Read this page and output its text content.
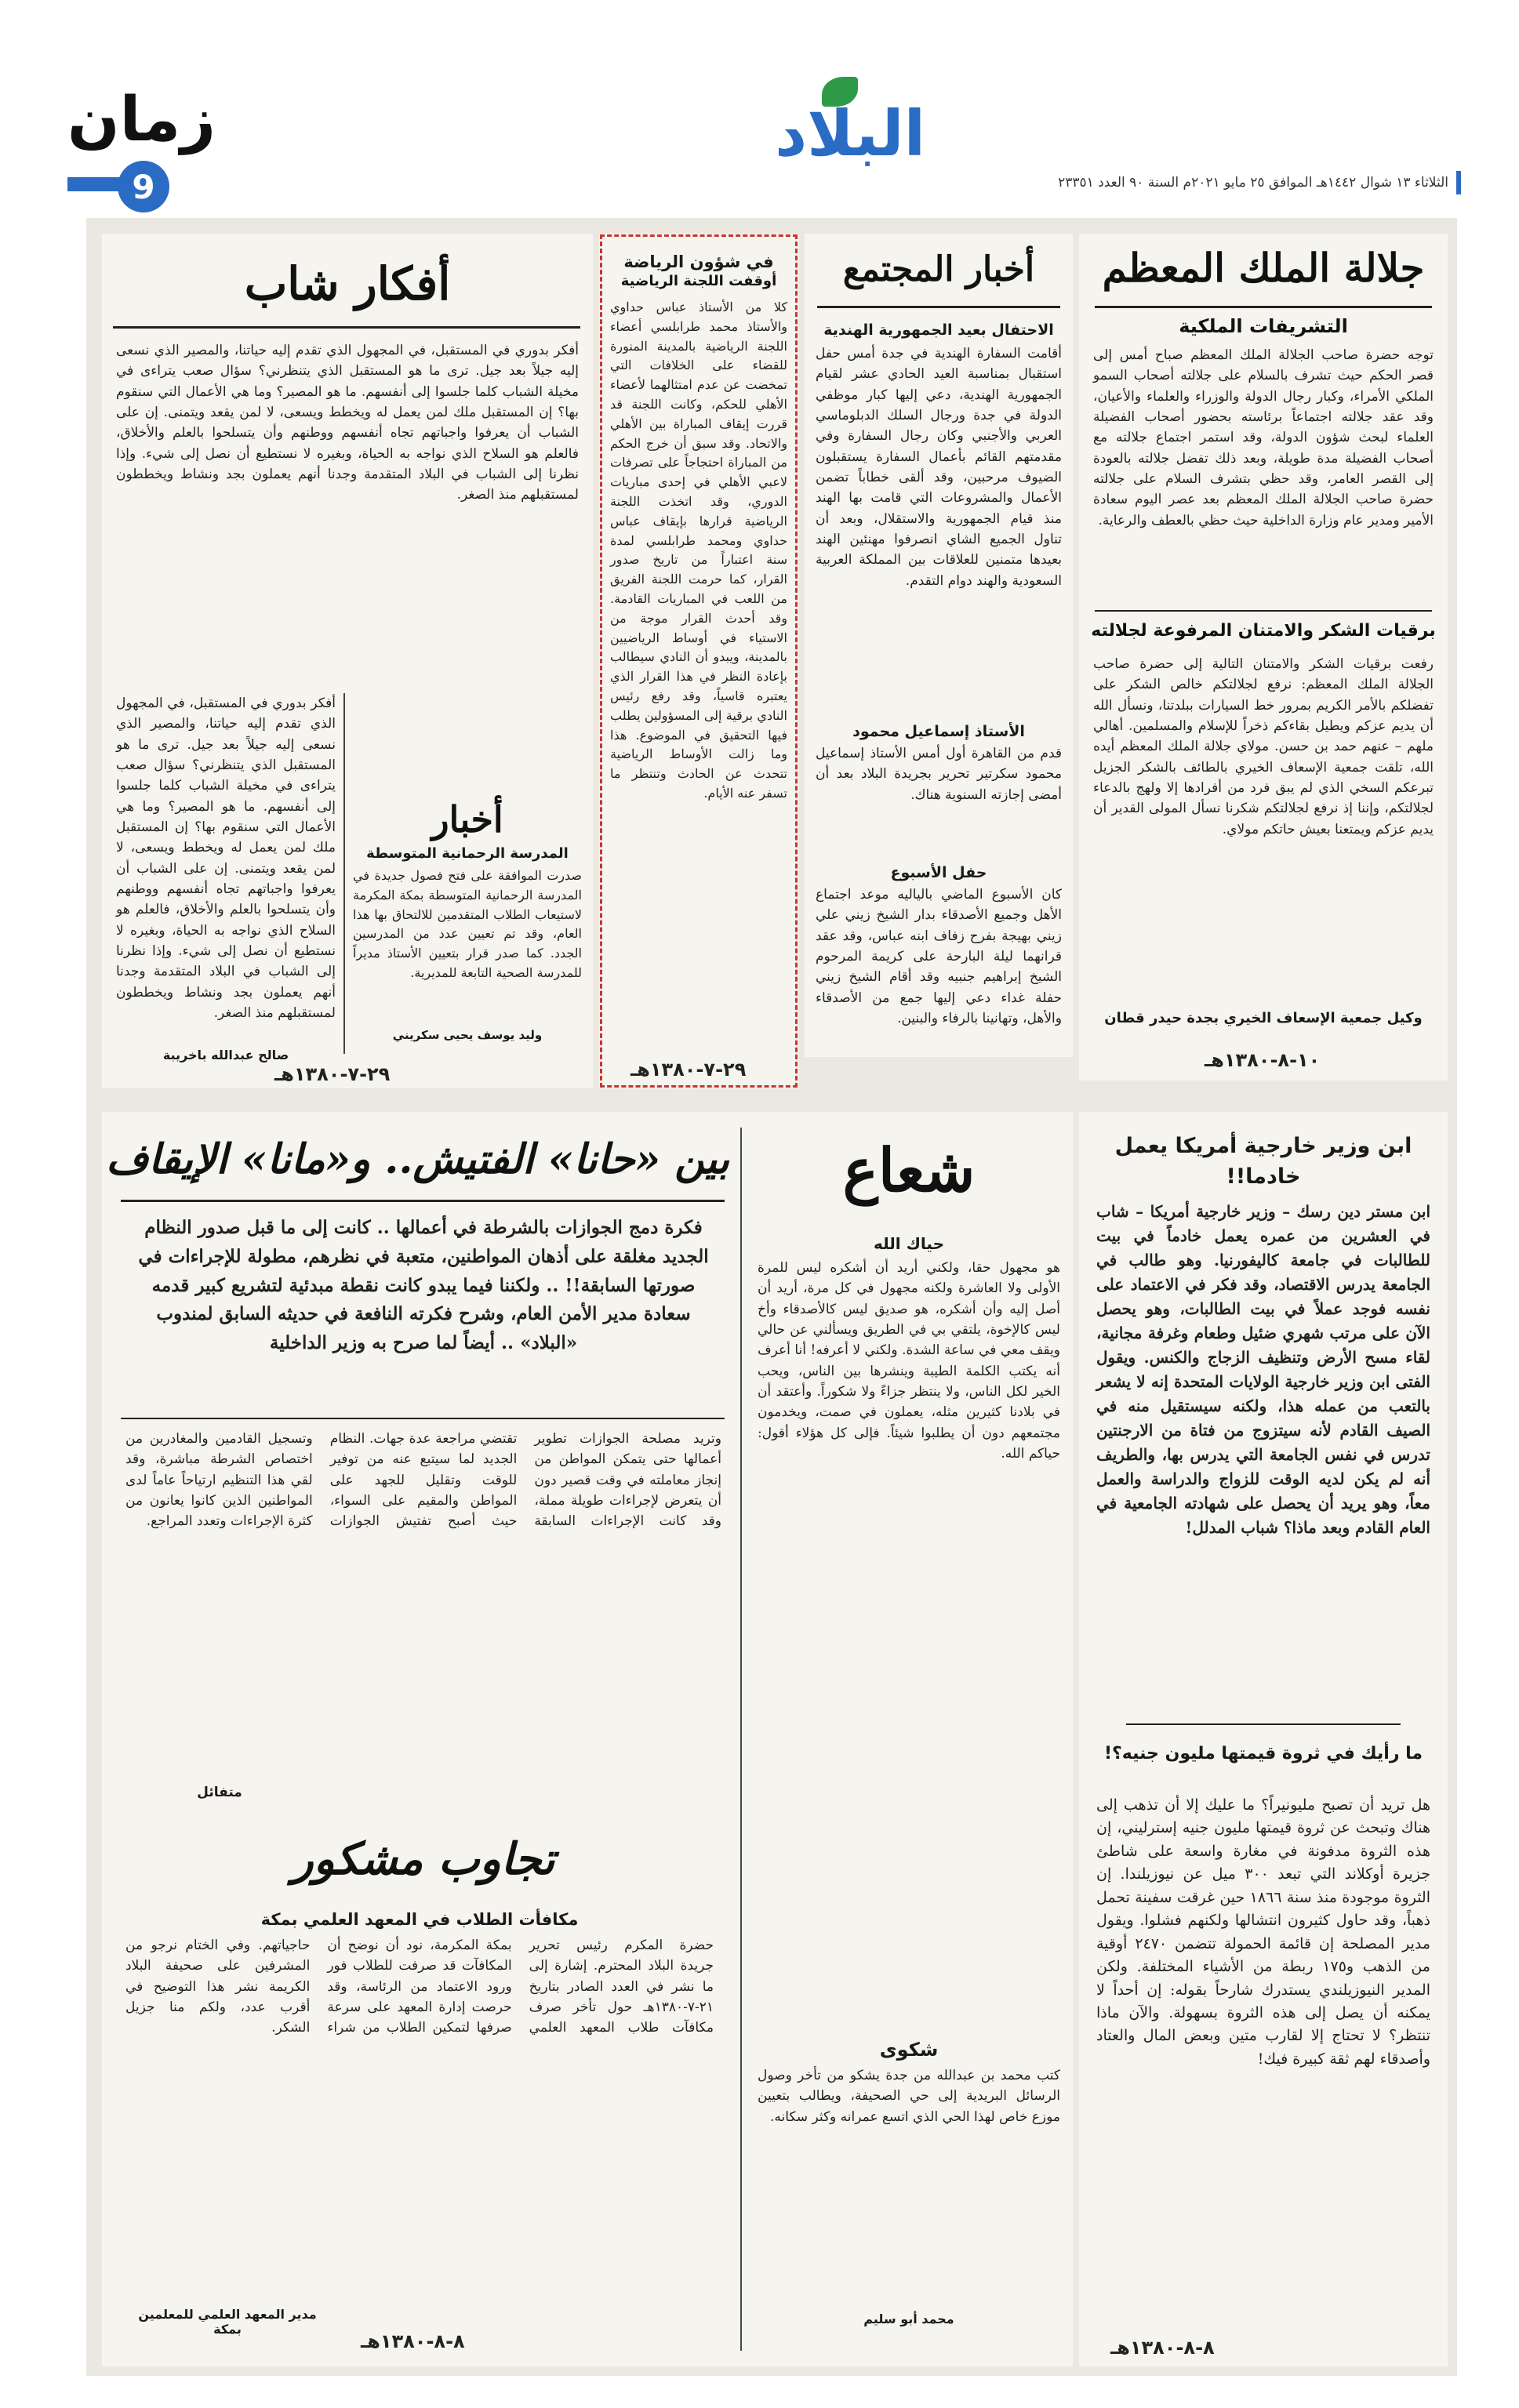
زمان
9
البلاد
الثلاثاء ١٣ شوال ١٤٤٢هـ الموافق ٢٥ مايو ٢٠٢١م السنة ٩٠ العدد ٢٣٣٥١
جلالة الملك المعظم
التشريفات الملكية
توجه حضرة صاحب الجلالة الملك المعظم صباح أمس إلى قصر الحكم حيث تشرف بالسلام على جلالته أصحاب السمو الملكي الأمراء، وكبار رجال الدولة والوزراء والعلماء والأعيان، وقد عقد جلالته اجتماعاً برئاسته بحضور أصحاب الفضيلة العلماء لبحث شؤون الدولة، وقد استمر اجتماع جلالته مع أصحاب الفضيلة مدة طويلة، وبعد ذلك تفضل جلالته بالعودة إلى القصر العامر، وقد حظي بتشرف السلام على جلالته حضرة صاحب الجلالة الملك المعظم بعد عصر اليوم سعادة الأمير ومدير عام وزارة الداخلية حيث حظي بالعطف والرعاية.
برقيات الشكر والامتنان المرفوعة لجلالته
رفعت برقيات الشكر والامتنان التالية إلى حضرة صاحب الجلالة الملك المعظم: نرفع لجلالتكم خالص الشكر على تفضلكم بالأمر الكريم بمرور خط السيارات ببلدتنا، ونسأل الله أن يديم عزكم ويطيل بقاءكم ذخراً للإسلام والمسلمين. أهالي ملهم – عنهم حمد بن حسن. مولاي جلالة الملك المعظم أيده الله، تلقت جمعية الإسعاف الخيري بالطائف بالشكر الجزيل تبرعكم السخي الذي لم يبق فرد من أفرادها إلا ولهج بالدعاء لجلالتكم، وإننا إذ نرفع لجلالتكم شكرنا نسأل المولى القدير أن يديم عزكم ويمتعنا بعيش حاتكم مولاي.
وكيل جمعية الإسعاف الخيري بجدة حيدر قطان
١٠-٨-١٣٨٠هـ
أخبار المجتمع
الاحتفال بعيد الجمهورية الهندية
أقامت السفارة الهندية في جدة أمس حفل استقبال بمناسبة العيد الحادي عشر لقيام الجمهورية الهندية، دعي إليها كبار موظفي الدولة في جدة ورجال السلك الدبلوماسي العربي والأجنبي وكان رجال السفارة وفي مقدمتهم القائم بأعمال السفارة يستقبلون الضيوف مرحبين، وقد ألقى خطاباً تضمن الأعمال والمشروعات التي قامت بها الهند منذ قيام الجمهورية والاستقلال، وبعد أن تناول الجميع الشاي انصرفوا مهنئين الهند بعيدها متمنين للعلاقات بين المملكة العربية السعودية والهند دوام التقدم.
الأستاذ إسماعيل محمود
قدم من القاهرة أول أمس الأستاذ إسماعيل محمود سكرتير تحرير بجريدة البلاد بعد أن أمضى إجازته السنوية هناك.
حفل الأسبوع
كان الأسبوع الماضي بالياليه موعد اجتماع الأهل وجميع الأصدقاء بدار الشيخ زيني علي زيني بهيجة بفرح زفاف ابنه عباس، وقد عقد قرانهما ليلة البارحة على كريمة المرحوم الشيخ إبراهيم جنبيه وقد أقام الشيخ زيني حفلة غداء دعي إليها جمع من الأصدقاء والأهل، وتهانينا بالرفاء والبنين.
في شؤون الرياضة
أوقفت اللجنة الرياضية
كلا من الأستاذ عباس حداوي والأستاذ محمد طرابلسي أعضاء اللجنة الرياضية بالمدينة المنورة للقضاء على الخلافات التي تمخضت عن عدم امتثالهما لأعضاء الأهلي للحكم، وكانت اللجنة قد قررت إيقاف المباراة بين الأهلي والاتحاد. وقد سبق أن خرج الحكم من المباراة احتجاجاً على تصرفات لاعبي الأهلي في إحدى مباريات الدوري، وقد اتخذت اللجنة الرياضية قرارها بإيقاف عباس حداوي ومحمد طرابلسي لمدة سنة اعتباراً من تاريخ صدور القرار، كما حرمت اللجنة الفريق من اللعب في المباريات القادمة. وقد أحدث القرار موجة من الاستياء في أوساط الرياضيين بالمدينة، ويبدو أن النادي سيطالب بإعادة النظر في هذا القرار الذي يعتبره قاسياً، وقد رفع رئيس النادي برقية إلى المسؤولين يطلب فيها التحقيق في الموضوع. هذا وما زالت الأوساط الرياضية تتحدث عن الحادث وتنتظر ما تسفر عنه الأيام.
٢٩-٧-١٣٨٠هـ
أفكار شاب
أفكر بدوري في المستقبل، في المجهول الذي تقدم إليه حياتنا، والمصير الذي نسعى إليه جيلاً بعد جيل. ترى ما هو المستقبل الذي يتنظرني؟ سؤال صعب يتراءى في مخيلة الشباب كلما جلسوا إلى أنفسهم. ما هو المصير؟ وما هي الأعمال التي سنقوم بها؟ إن المستقبل ملك لمن يعمل له ويخطط ويسعى، لا لمن يقعد ويتمنى. إن على الشباب أن يعرفوا واجباتهم تجاه أنفسهم ووطنهم وأن يتسلحوا بالعلم والأخلاق، فالعلم هو السلاح الذي نواجه به الحياة، وبغيره لا نستطيع أن نصل إلى شيء. وإذا نظرنا إلى الشباب في البلاد المتقدمة وجدنا أنهم يعملون بجد ونشاط ويخططون لمستقبلهم منذ الصغر.
أفكر بدوري في المستقبل، في المجهول الذي تقدم إليه حياتنا، والمصير الذي نسعى إليه جيلاً بعد جيل. ترى ما هو المستقبل الذي يتنظرني؟ سؤال صعب يتراءى في مخيلة الشباب كلما جلسوا إلى أنفسهم. ما هو المصير؟ وما هي الأعمال التي سنقوم بها؟ إن المستقبل ملك لمن يعمل له ويخطط ويسعى، لا لمن يقعد ويتمنى. إن على الشباب أن يعرفوا واجباتهم تجاه أنفسهم ووطنهم وأن يتسلحوا بالعلم والأخلاق، فالعلم هو السلاح الذي نواجه به الحياة، وبغيره لا نستطيع أن نصل إلى شيء. وإذا نظرنا إلى الشباب في البلاد المتقدمة وجدنا أنهم يعملون بجد ونشاط ويخططون لمستقبلهم منذ الصغر.
صالح عبدالله باخريبة
أخبار
المدرسة الرحمانية المتوسطة
صدرت الموافقة على فتح فصول جديدة في المدرسة الرحمانية المتوسطة بمكة المكرمة لاستيعاب الطلاب المتقدمين للالتحاق بها هذا العام، وقد تم تعيين عدد من المدرسين الجدد. كما صدر قرار بتعيين الأستاذ مديراً للمدرسة الصحية التابعة للمديرية.
وليد يوسف يحيى سكريني
٢٩-٧-١٣٨٠هـ
ابن وزير خارجية أمريكا يعمل خادما!!
ابن مستر دين رسك – وزير خارجية أمريكا – شاب في العشرين من عمره يعمل خادماً في بيت للطالبات في جامعة كاليفورنيا. وهو طالب في الجامعة يدرس الاقتصاد، وقد فكر في الاعتماد على نفسه فوجد عملاً في بيت الطالبات، وهو يحصل الآن على مرتب شهري ضئيل وطعام وغرفة مجانية، لقاء مسح الأرض وتنظيف الزجاج والكنس. ويقول الفتى ابن وزير خارجية الولايات المتحدة إنه لا يشعر بالتعب من عمله هذا، ولكنه سيستقيل منه في الصيف القادم لأنه سيتزوج من فتاة من الارجنتين تدرس في نفس الجامعة التي يدرس بها، والطريف أنه لم يكن لديه الوقت للزواج والدراسة والعمل معاً، وهو يريد أن يحصل على شهادته الجامعية في العام القادم وبعد ماذا؟ شباب المدلل!
ما رأيك في ثروة قيمتها مليون جنيه؟!
هل تريد أن تصبح مليونيراً؟ ما عليك إلا أن تذهب إلى هناك وتبحث عن ثروة قيمتها مليون جنيه إسترليني، إن هذه الثروة مدفونة في مغارة واسعة على شاطئ جزيرة أوكلاند التي تبعد ٣٠٠ ميل عن نيوزيلندا. إن الثروة موجودة منذ سنة ١٨٦٦ حين غرقت سفينة تحمل ذهباً، وقد حاول كثيرون انتشالها ولكنهم فشلوا. ويقول مدير المصلحة إن قائمة الحمولة تتضمن ٢٤٧٠ أوقية من الذهب و١٧٥ ربطة من الأشياء المختلفة. ولكن المدير النيوزيلندي يستدرك شارحاً بقوله: إن أحداً لا يمكنه أن يصل إلى هذه الثروة بسهولة. والآن ماذا تنتظر؟ لا تحتاج إلا لقارب متين وبعض المال والعتاد وأصدقاء لهم ثقة كبيرة فيك!
٨-٨-١٣٨٠هـ
شعاع
حياك الله
هو مجهول حقا، ولكني أريد أن أشكره ليس للمرة الأولى ولا العاشرة ولكنه مجهول في كل مرة، أريد أن أصل إليه وأن أشكره، هو صديق ليس كالأصدقاء وأخ ليس كالإخوة، يلتقي بي في الطريق ويسألني عن حالي ويقف معي في ساعة الشدة. ولكني لا أعرفه! أنا أعرف أنه يكتب الكلمة الطيبة وينشرها بين الناس، ويحب الخير لكل الناس، ولا ينتظر جزاءً ولا شكوراً. وأعتقد أن في بلادنا كثيرين مثله، يعملون في صمت، ويخدمون مجتمعهم دون أن يطلبوا شيئاً. فإلى كل هؤلاء أقول: حياكم الله.
شكوى
كتب محمد بن عبدالله من جدة يشكو من تأخر وصول الرسائل البريدية إلى حي الصحيفة، ويطالب بتعيين موزع خاص لهذا الحي الذي اتسع عمرانه وكثر سكانه.
محمد أبو سليم
بين «حانا» الفتيش.. و«مانا» الإيقاف
فكرة دمج الجوازات بالشرطة في أعمالها .. كانت إلى ما قبل صدور النظام الجديد مغلقة على أذهان المواطنين، متعبة في نظرهم، مطولة للإجراءات في صورتها السابقة!! .. ولكننا فيما يبدو كانت نقطة مبدئية لتشريع كبير قدمه سعادة مدير الأمن العام، وشرح فكرته النافعة في حديثه السابق لمندوب «البلاد» .. أيضاً لما صرح به وزير الداخلية
وتريد مصلحة الجوازات تطوير أعمالها حتى يتمكن المواطن من إنجاز معاملته في وقت قصير دون أن يتعرض لإجراءات طويلة مملة، وقد كانت الإجراءات السابقة تقتضي مراجعة عدة جهات. النظام الجديد لما سيتبع عنه من توفير للوقت وتقليل للجهد على المواطن والمقيم على السواء، حيث أصبح تفتيش الجوازات وتسجيل القادمين والمغادرين من اختصاص الشرطة مباشرة، وقد لقي هذا التنظيم ارتياحاً عاماً لدى المواطنين الذين كانوا يعانون من كثرة الإجراءات وتعدد المراجع.
متفائل
تجاوب مشكور
مكافأت الطلاب في المعهد العلمي بمكة
حضرة المكرم رئيس تحرير جريدة البلاد المحترم. إشارة إلى ما نشر في العدد الصادر بتاريخ ٢١-٧-١٣٨٠هـ حول تأخر صرف مكافآت طلاب المعهد العلمي بمكة المكرمة، نود أن نوضح أن المكافآت قد صرفت للطلاب فور ورود الاعتماد من الرئاسة، وقد حرصت إدارة المعهد على سرعة صرفها لتمكين الطلاب من شراء حاجياتهم. وفي الختام نرجو من المشرفين على صحيفة البلاد الكريمة نشر هذا التوضيح في أقرب عدد، ولكم منا جزيل الشكر.
مدير المعهد العلمي للمعلمين بمكة
٨-٨-١٣٨٠هـ
